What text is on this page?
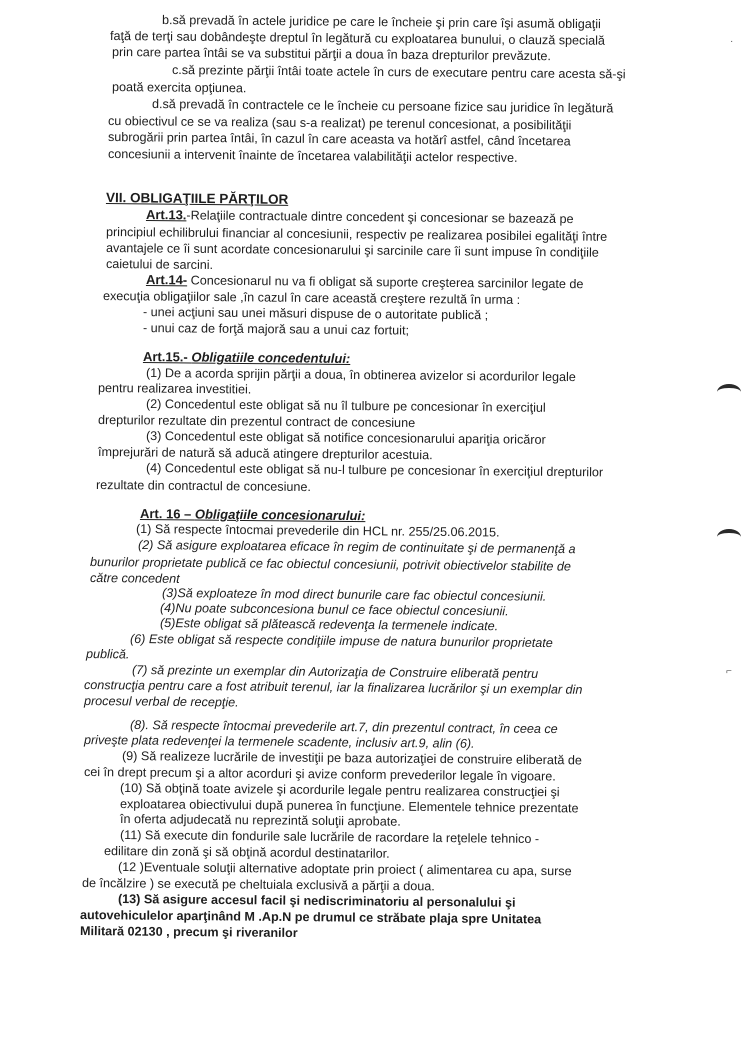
b.să prevadă în actele juridice pe care le încheie şi prin care îşi asumă obligaţii
faţă de terţi sau dobândeşte dreptul în legătură cu exploatarea bunului, o clauză specială
prin care partea întâi se va substitui părţii a doua în baza drepturilor prevăzute.
c.să prezinte părţii întâi toate actele în curs de executare pentru care acesta să-şi
poată exercita opţiunea.
d.să prevadă în contractele ce le încheie cu persoane fizice sau juridice în legătură
cu obiectivul ce se va realiza (sau s-a realizat) pe terenul concesionat, a posibilităţii
subrogării prin partea întâi, în cazul în care aceasta va hotărî astfel, când încetarea
concesiunii a intervenit înainte de încetarea valabilităţii actelor respective.
VII. OBLIGAŢIILE PĂRŢILOR
Art.13.-Relaţiile contractuale dintre concedent şi concesionar se bazează pe
principiul echilibrului financiar al concesiunii, respectiv pe realizarea posibilei egalităţi între
avantajele ce îi sunt acordate concesionarului şi sarcinile care îi sunt impuse în condiţiile
caietului de sarcini.
Art.14- Concesionarul nu va fi obligat să suporte creşterea sarcinilor legate de
execuţia obligaţiilor sale ,în cazul în care această creştere rezultă în urma :
- unei acţiuni sau unei măsuri dispuse de o autoritate publică ;
- unui caz de forţă majoră sau a unui caz fortuit;
Art.15.- Obligatiile concedentului:
(1) De a acorda sprijin părţii a doua, în obtinerea avizelor si acordurilor legale
pentru realizarea investitiei.
(2) Concedentul este obligat să nu îl tulbure pe concesionar în exerciţiul
drepturilor rezultate din prezentul contract de concesiune
(3) Concedentul este obligat să notifice concesionarului apariţia oricăror
împrejurări de natură să aducă atingere drepturilor acestuia.
(4) Concedentul este obligat să nu-l tulbure pe concesionar în exerciţiul drepturilor
rezultate din contractul de concesiune.
Art. 16 – Obligaţiile concesionarului:
(1) Să respecte întocmai prevederile din HCL nr. 255/25.06.2015.
(2) Să asigure exploatarea eficace în regim de continuitate şi de permanenţă a
bunurilor proprietate publică ce fac obiectul concesiunii, potrivit obiectivelor stabilite de
către concedent
(3)Să exploateze în mod direct bunurile care fac obiectul concesiunii.
(4)Nu poate subconcesiona bunul ce face obiectul concesiunii.
(5)Este obligat să plătească redevenţa la termenele indicate.
(6) Este obligat să respecte condiţiile impuse de natura bunurilor proprietate
publică.
(7) să prezinte un exemplar din Autorizaţia de Construire eliberată pentru
construcţia pentru care a fost atribuit terenul, iar la finalizarea lucrărilor şi un exemplar din
procesul verbal de recepţie.
(8). Să respecte întocmai prevederile art.7, din prezentul contract, în ceea ce
priveşte plata redevenţei la termenele scadente, inclusiv art.9, alin (6).
(9) Să realizeze lucrările de investiţii pe baza autorizaţiei de construire eliberată de
cei în drept precum şi a altor acorduri şi avize conform prevederilor legale în vigoare.
(10) Să obţină toate avizele şi acordurile legale pentru realizarea construcţiei şi
exploatarea obiectivului după punerea în funcţiune. Elementele tehnice prezentate
în oferta adjudecată nu reprezintă soluţii aprobate.
(11) Să execute din fondurile sale lucrările de racordare la reţelele tehnico -
edilitare din zonă şi să obţină acordul destinatarilor.
(12 )Eventuale soluţii alternative adoptate prin proiect ( alimentarea cu apa, surse
de încălzire ) se execută pe cheltuiala exclusivă a părţii a doua.
(13) Să asigure accesul facil şi nediscriminatoriu al personalului şi
autovehiculelor aparţinând M .Ap.N pe drumul ce străbate plaja spre Unitatea
Militară 02130 , precum şi riveranilor
·
⌐
